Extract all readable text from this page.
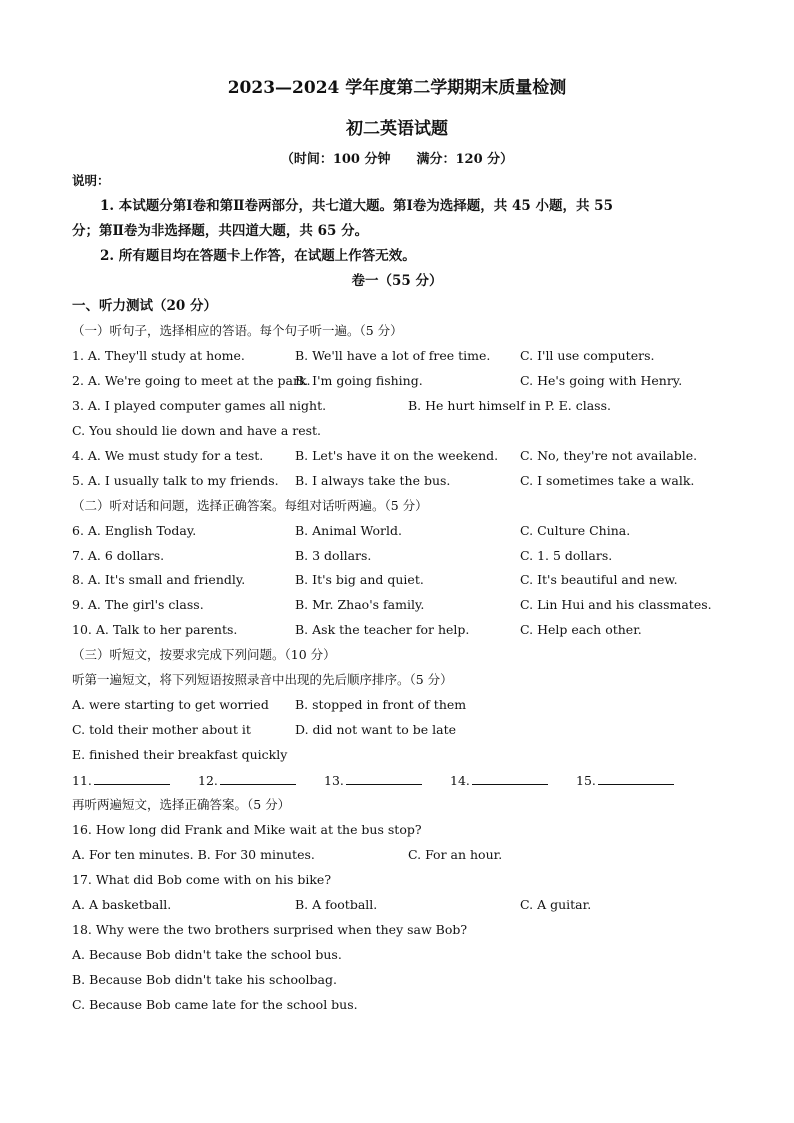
2023—2024 学年度第二学期期末质量检测
初二英语试题
（时间：100 分钟　　满分：120 分）
说明：
1. 本试题分第Ⅰ卷和第Ⅱ卷两部分，共七道大题。第Ⅰ卷为选择题，共 45 小题，共 55
分；第Ⅱ卷为非选择题，共四道大题，共 65 分。
2. 所有题目均在答题卡上作答，在试题上作答无效。
卷一（55 分）
一、听力测试（20 分）
（一）听句子，选择相应的答语。每个句子听一遍。（5 分）
1. A. They'll study at home.	B. We'll have a lot of free time. C. I'll use computers.
2. A. We're going to meet at the park.
B. I'm going fishing.	C. He's going with Henry.
3. A. I played computer games all night.	B. He hurt himself in P. E. class.
C. You should lie down and have a rest.
4. A. We must study for a test.	B. Let's have it on the weekend. C. No, they're not available.
5. A. I usually talk to my friends. B. I always take the bus.	C. I sometimes take a walk.
（二）听对话和问题，选择正确答案。每组对话听两遍。（5 分）
6. A. English Today.	B. Animal World.	C. Culture China.
7. A. 6 dollars.	B. 3 dollars.	C. 1. 5 dollars.
8. A. It's small and friendly.	B. It's big and quiet.	C. It's beautiful and new.
9. A. The girl's class.	B. Mr. Zhao's family.	C. Lin Hui and his classmates.
10. A. Talk to her parents.	B. Ask the teacher for help.	C. Help each other.
（三）听短文，按要求完成下列问题。（10 分）
听第一遍短文，将下列短语按照录音中出现的先后顺序排序。（5 分）
A. were starting to get worried B. stopped in front of them
C. told their mother about it	D. did not want to be late
E. finished their breakfast quickly
11.	12.	13.	14.	15.
再听两遍短文，选择正确答案。（5 分）
16. How long did Frank and Mike wait at the bus stop?
A. For ten minutes. B. For 30 minutes.	C. For an hour.
17. What did Bob come with on his bike?
A. A basketball.	B. A football.	C. A guitar.
18. Why were the two brothers surprised when they saw Bob?
A. Because Bob didn't take the school bus.
B. Because Bob didn't take his schoolbag.
C. Because Bob came late for the school bus.
